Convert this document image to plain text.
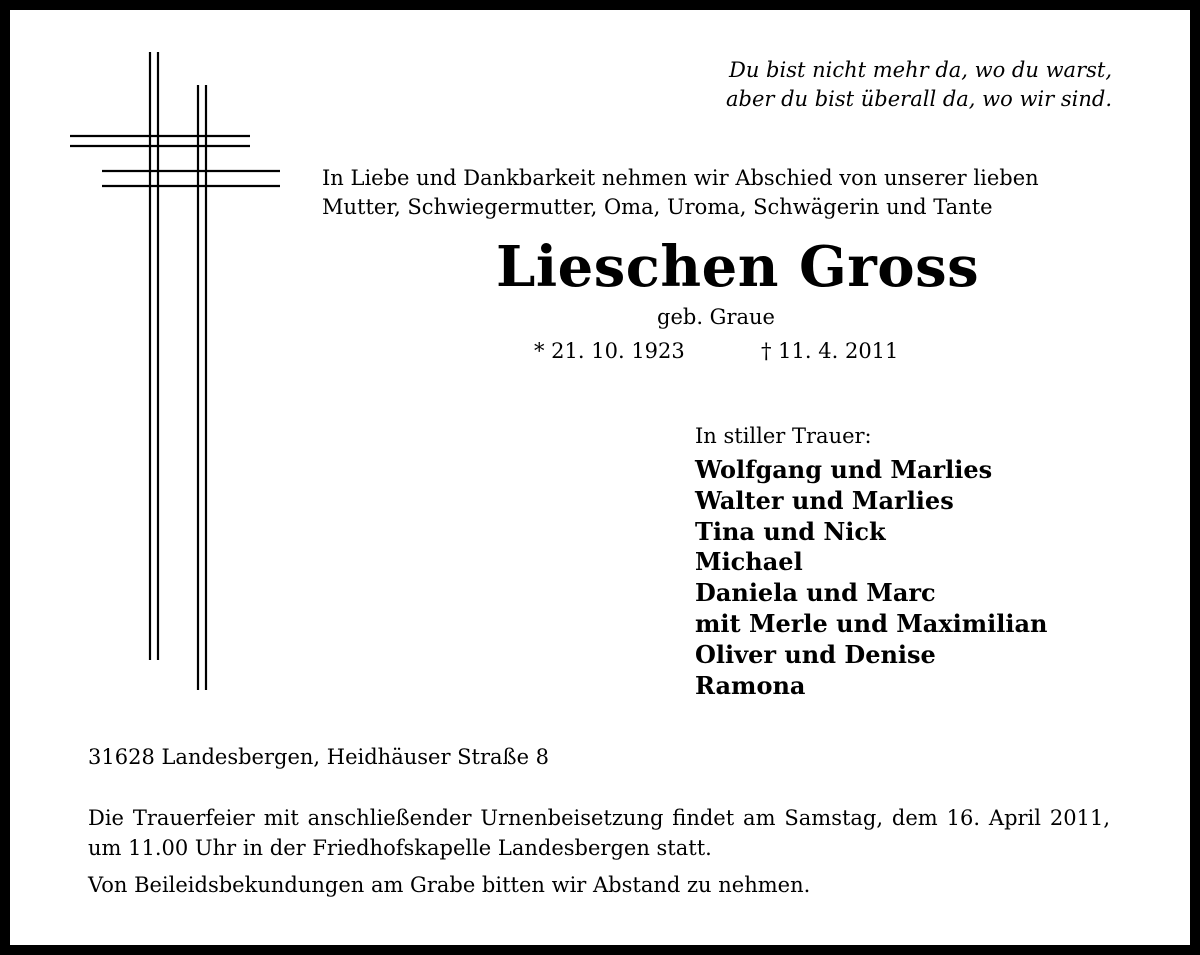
Du bist nicht mehr da, wo du warst,
aber du bist überall da, wo wir sind.
In Liebe und Dankbarkeit nehmen wir Abschied von unserer lieben
Mutter, Schwiegermutter, Oma, Uroma, Schwägerin und Tante
Lieschen Gross
geb. Graue
* 21. 10. 1923	† 11. 4. 2011
In stiller Trauer:
Wolfgang und Marlies
Walter und Marlies
Tina und Nick
Michael
Daniela und Marc
mit Merle und Maximilian
Oliver und Denise
Ramona
31628 Landesbergen, Heidhäuser Straße 8
Die Trauerfeier mit anschließender Urnenbeisetzung findet am Samstag, dem 16. April 2011, um 11.00 Uhr in der Friedhofskapelle Landesbergen statt.
Von Beileidsbekundungen am Grabe bitten wir Abstand zu nehmen.
